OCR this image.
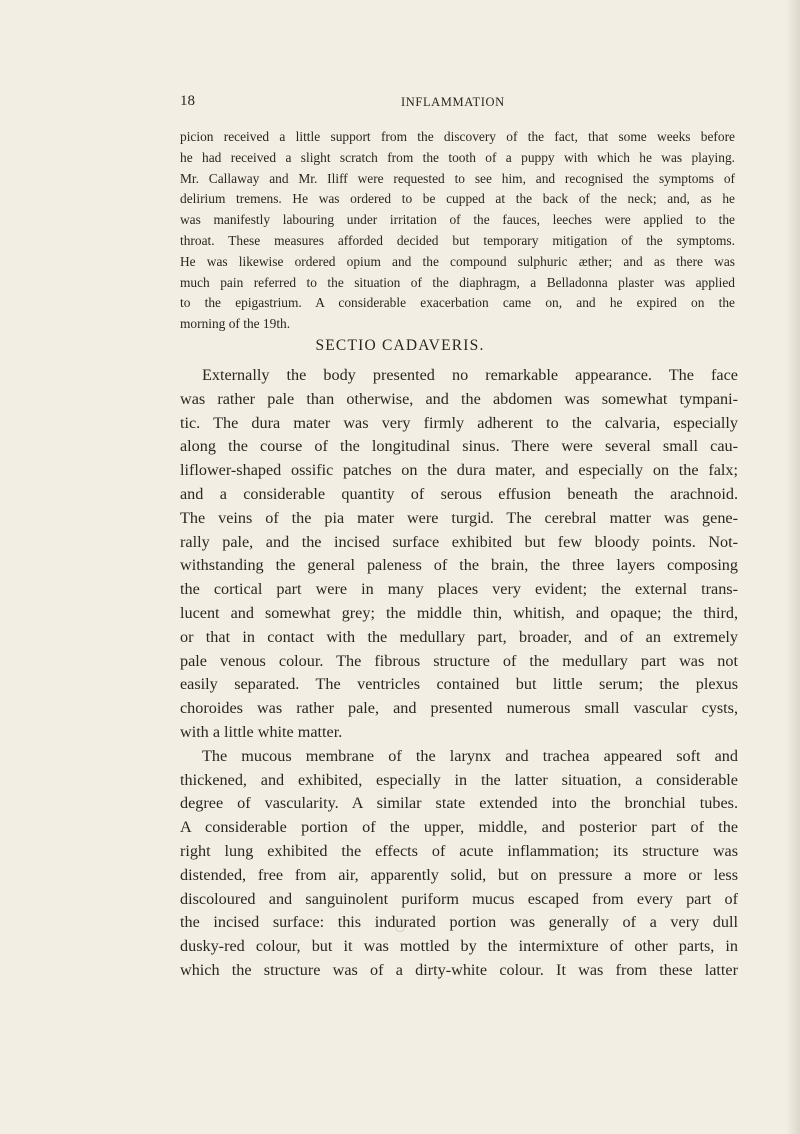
18	INFLAMMATION
picion received a little support from the discovery of the fact, that some weeks before
he had received a slight scratch from the tooth of a puppy with which he was playing.
Mr. Callaway and Mr. Iliff were requested to see him, and recognised the symptoms of
delirium tremens. He was ordered to be cupped at the back of the neck; and, as he
was manifestly labouring under irritation of the fauces, leeches were applied to the
throat. These measures afforded decided but temporary mitigation of the symptoms.
He was likewise ordered opium and the compound sulphuric æther; and as there was
much pain referred to the situation of the diaphragm, a Belladonna plaster was applied
to the epigastrium. A considerable exacerbation came on, and he expired on the
morning of the 19th.
SECTIO CADAVERIS.
Externally the body presented no remarkable appearance. The face
was rather pale than otherwise, and the abdomen was somewhat tympani-
tic. The dura mater was very firmly adherent to the calvaria, especially
along the course of the longitudinal sinus. There were several small cau-
liflower-shaped ossific patches on the dura mater, and especially on the falx;
and a considerable quantity of serous effusion beneath the arachnoid.
The veins of the pia mater were turgid. The cerebral matter was gene-
rally pale, and the incised surface exhibited but few bloody points. Not-
withstanding the general paleness of the brain, the three layers composing
the cortical part were in many places very evident; the external trans-
lucent and somewhat grey; the middle thin, whitish, and opaque; the third,
or that in contact with the medullary part, broader, and of an extremely
pale venous colour. The fibrous structure of the medullary part was not
easily separated. The ventricles contained but little serum; the plexus
choroides was rather pale, and presented numerous small vascular cysts,
with a little white matter.
The mucous membrane of the larynx and trachea appeared soft and
thickened, and exhibited, especially in the latter situation, a considerable
degree of vascularity. A similar state extended into the bronchial tubes.
A considerable portion of the upper, middle, and posterior part of the
right lung exhibited the effects of acute inflammation; its structure was
distended, free from air, apparently solid, but on pressure a more or less
discoloured and sanguinolent puriform mucus escaped from every part of
the incised surface: this indurated portion was generally of a very dull
dusky-red colour, but it was mottled by the intermixture of other parts, in
which the structure was of a dirty-white colour. It was from these latter
